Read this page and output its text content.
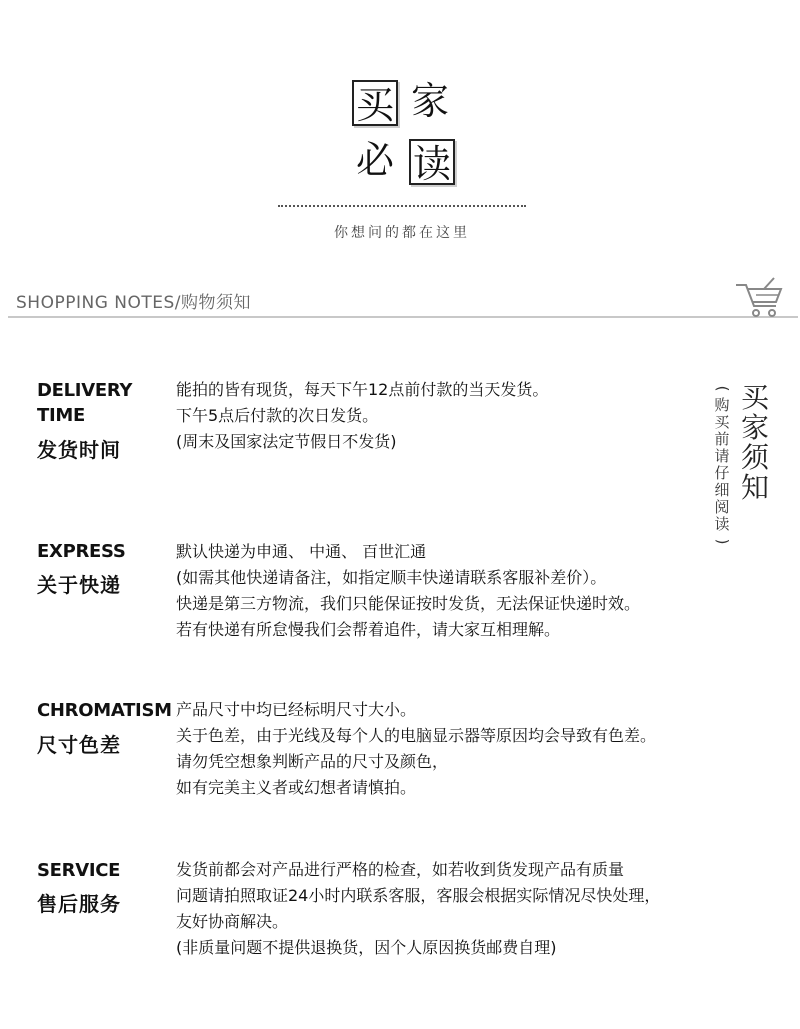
买 家
必 读
你想问的都在这里
SHOPPING NOTES/购物须知
买
家
须
知
(
购
买
前
请
仔
细
阅
读
)
DELIVERY
TIME
发货时间
能拍的皆有现货，每天下午12点前付款的当天发货。
下午5点后付款的次日发货。
(周末及国家法定节假日不发货)
EXPRESS
关于快递
默认快递为申通、 中通、 百世汇通
(如需其他快递请备注，如指定顺丰快递请联系客服补差价）。
快递是第三方物流，我们只能保证按时发货，无法保证快递时效。
若有快递有所怠慢我们会帮着追件，请大家互相理解。
CHROMATISM
尺寸色差
产品尺寸中均已经标明尺寸大小。
关于色差，由于光线及每个人的电脑显示器等原因均会导致有色差。
请勿凭空想象判断产品的尺寸及颜色，
如有完美主义者或幻想者请慎拍。
SERVICE
售后服务
发货前都会对产品进行严格的检查，如若收到货发现产品有质量
问题请拍照取证24小时内联系客服，客服会根据实际情况尽快处理，
友好协商解决。
(非质量问题不提供退换货，因个人原因换货邮费自理)
